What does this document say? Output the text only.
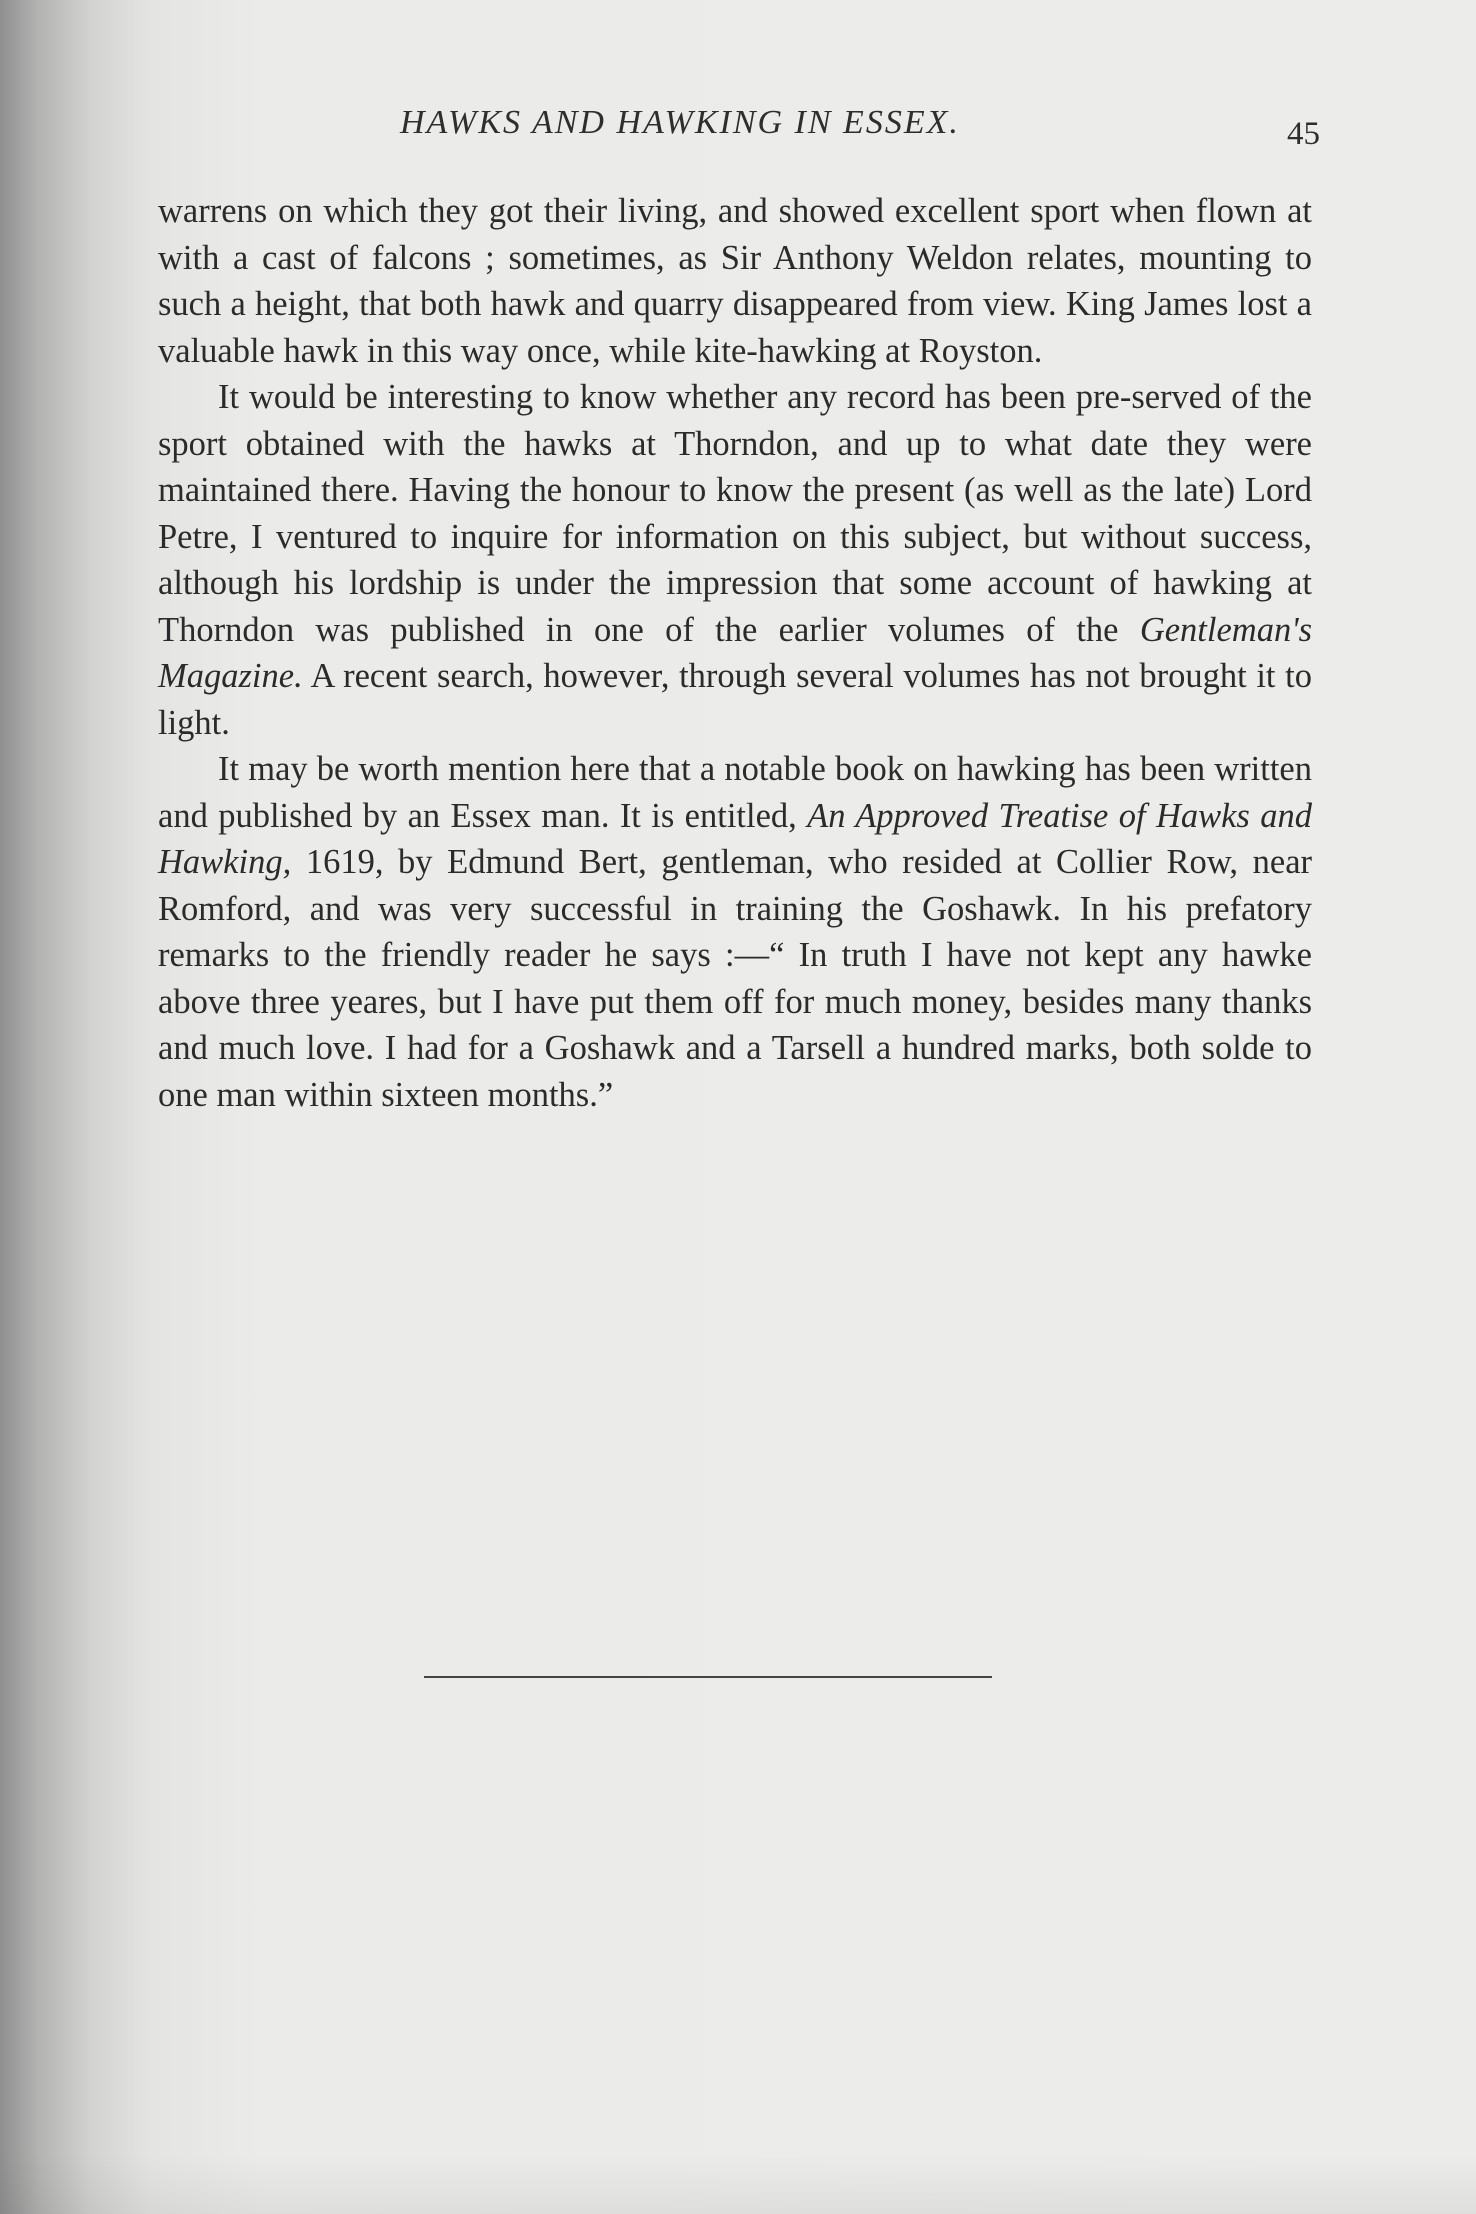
HAWKS AND HAWKING IN ESSEX.	45

warrens on which they got their living, and showed excellent sport when flown at with a cast of falcons ; sometimes, as Sir Anthony Weldon relates, mounting to such a height, that both hawk and quarry disappeared from view. King James lost a valuable hawk in this way once, while kite-hawking at Royston.

It would be interesting to know whether any record has been pre-served of the sport obtained with the hawks at Thorndon, and up to what date they were maintained there. Having the honour to know the present (as well as the late) Lord Petre, I ventured to inquire for information on this subject, but without success, although his lordship is under the impression that some account of hawking at Thorndon was published in one of the earlier volumes of the Gentleman's Magazine. A recent search, however, through several volumes has not brought it to light.

It may be worth mention here that a notable book on hawking has been written and published by an Essex man. It is entitled, An Approved Treatise of Hawks and Hawking, 1619, by Edmund Bert, gentleman, who resided at Collier Row, near Romford, and was very successful in training the Goshawk. In his prefatory remarks to the friendly reader he says :—“ In truth I have not kept any hawke above three yeares, but I have put them off for much money, besides many thanks and much love. I had for a Goshawk and a Tarsell a hundred marks, both solde to one man within sixteen months.”
